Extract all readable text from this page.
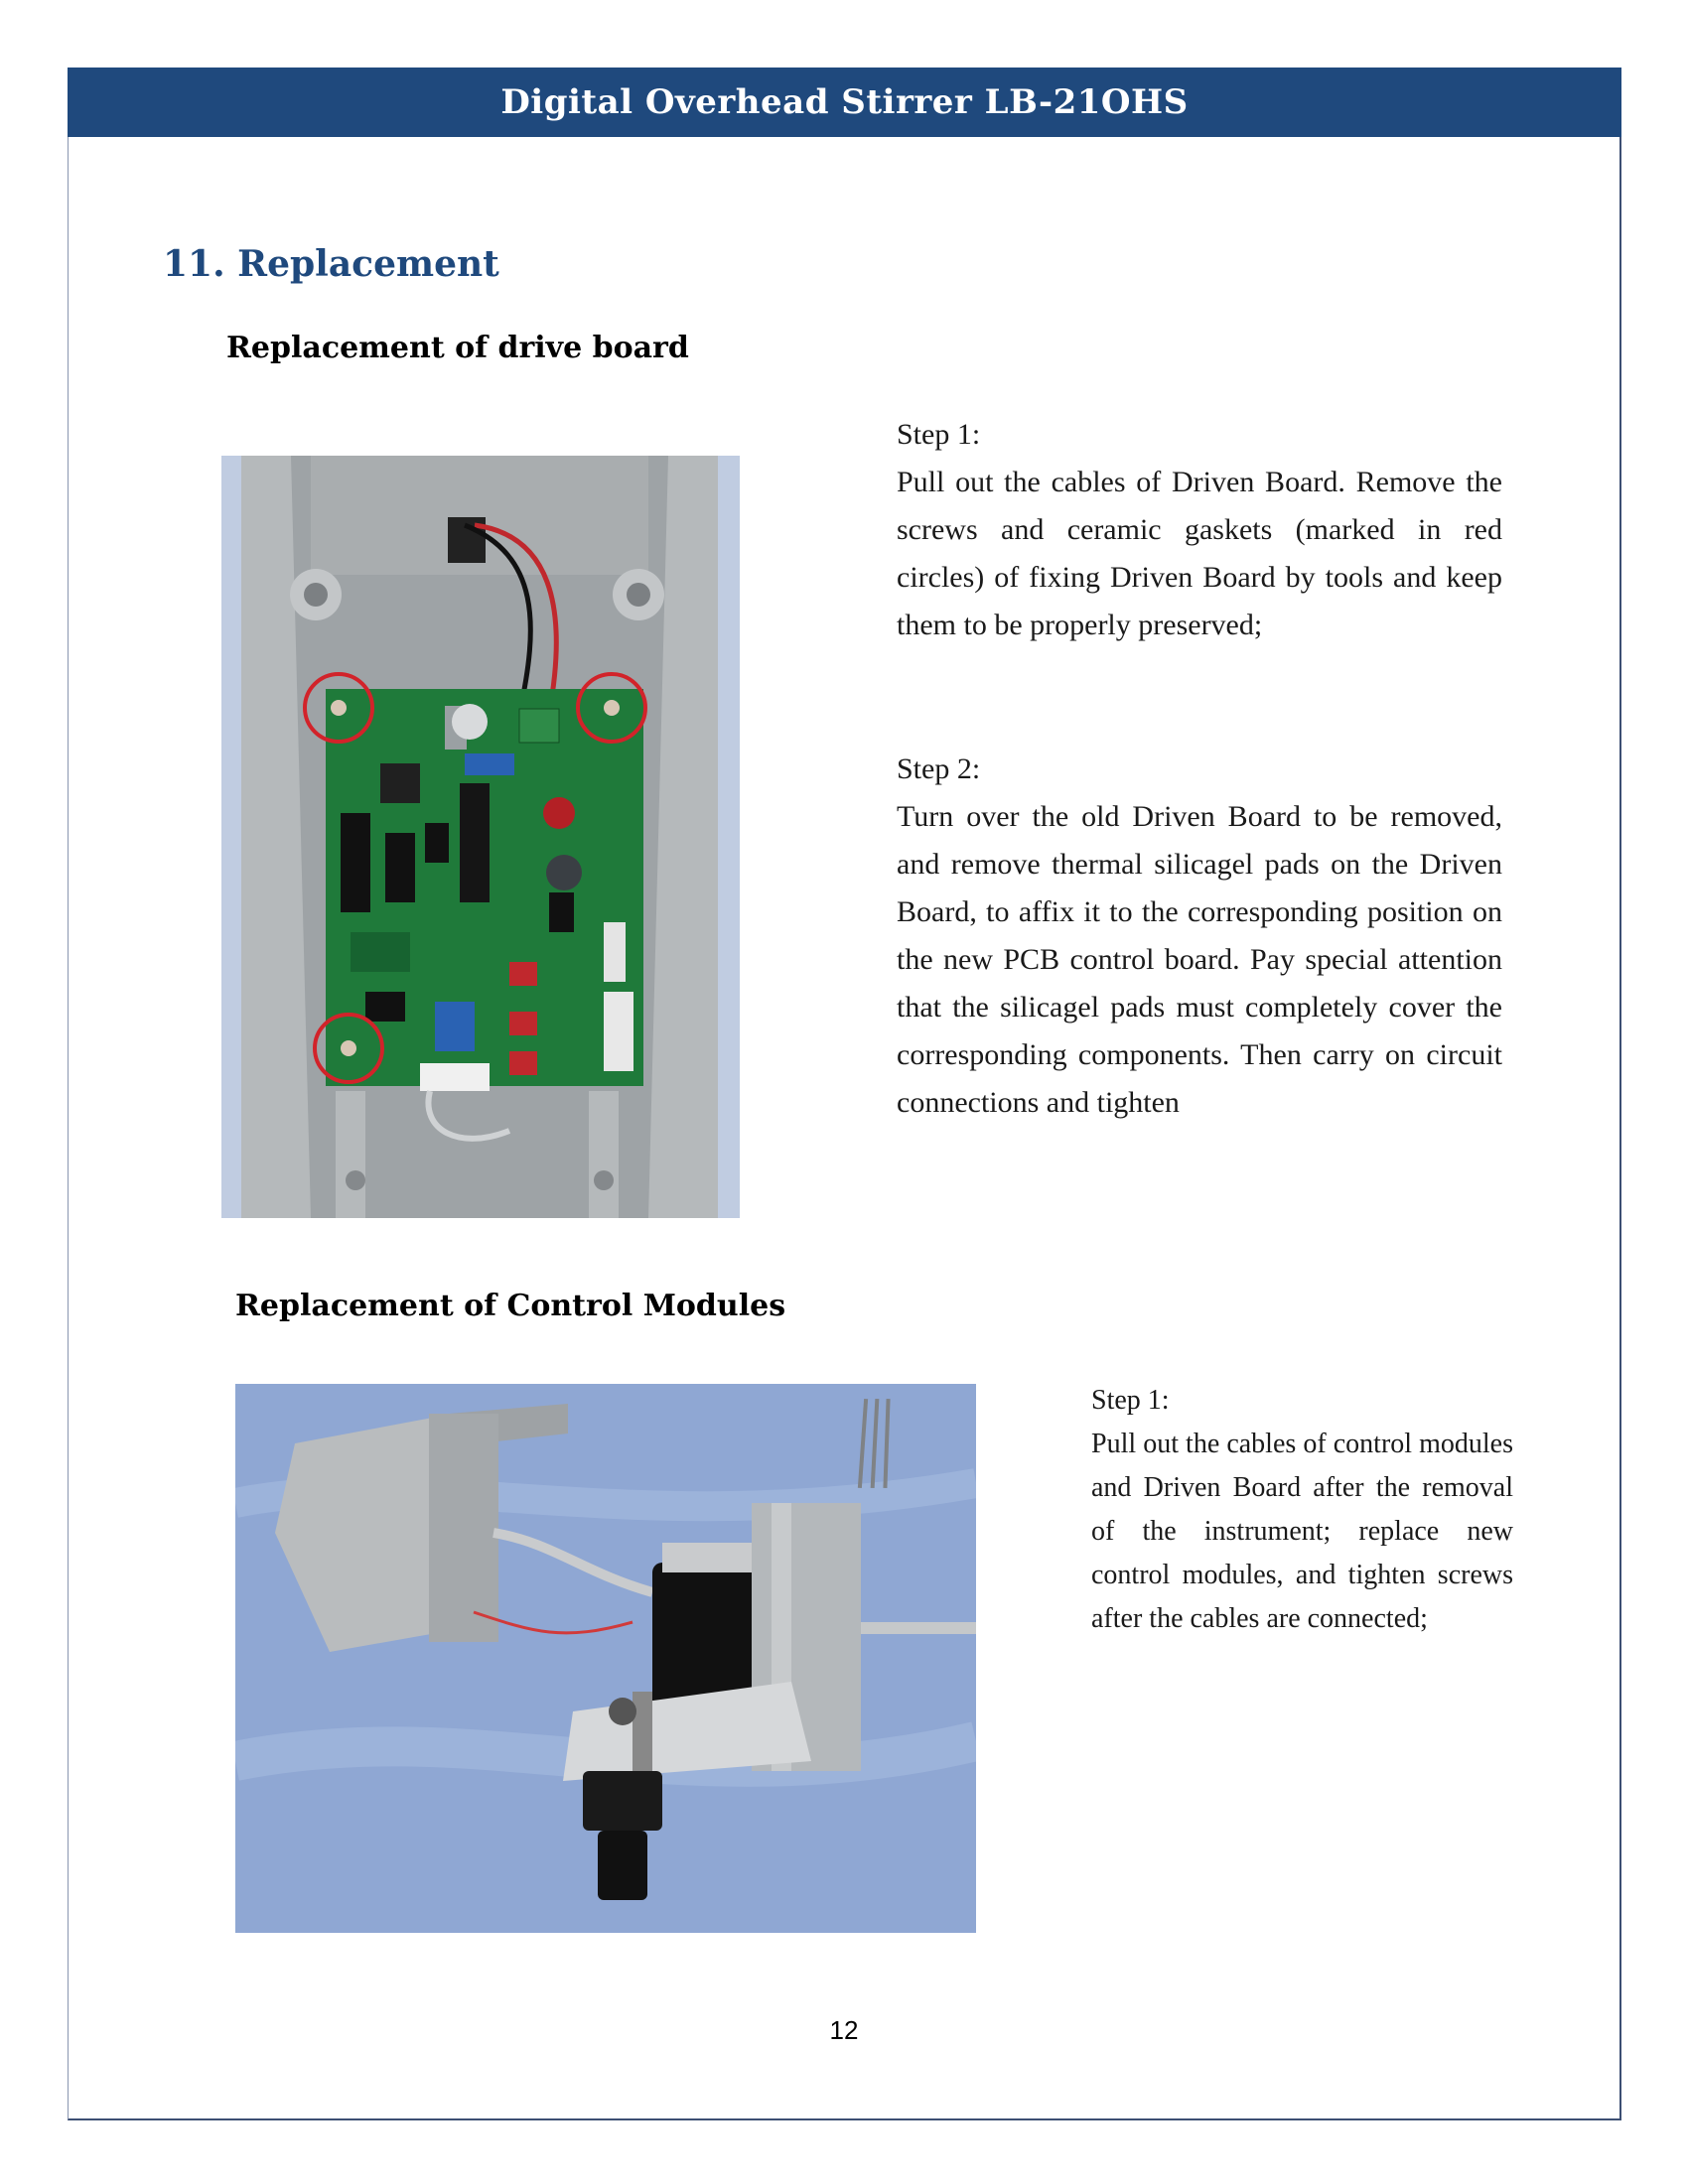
Digital Overhead Stirrer LB-21OHS
11. Replacement
Replacement of drive board
Step 1:

Pull out the cables of Driven Board. Remove the screws and ceramic gaskets (marked in red circles) of fixing Driven Board by tools and keep them to be properly preserved;

Step 2:

Turn over the old Driven Board to be removed, and remove thermal silicagel pads on the Driven Board, to affix it to the corresponding position on the new PCB control board. Pay special attention that the silicagel pads must completely cover the corresponding components. Then carry on circuit connections and tighten

Replacement of Control Modules
Step 1:

Pull out the cables of control modules and Driven Board after the removal of the instrument; replace new control modules, and tighten screws after the cables are connected;

12
